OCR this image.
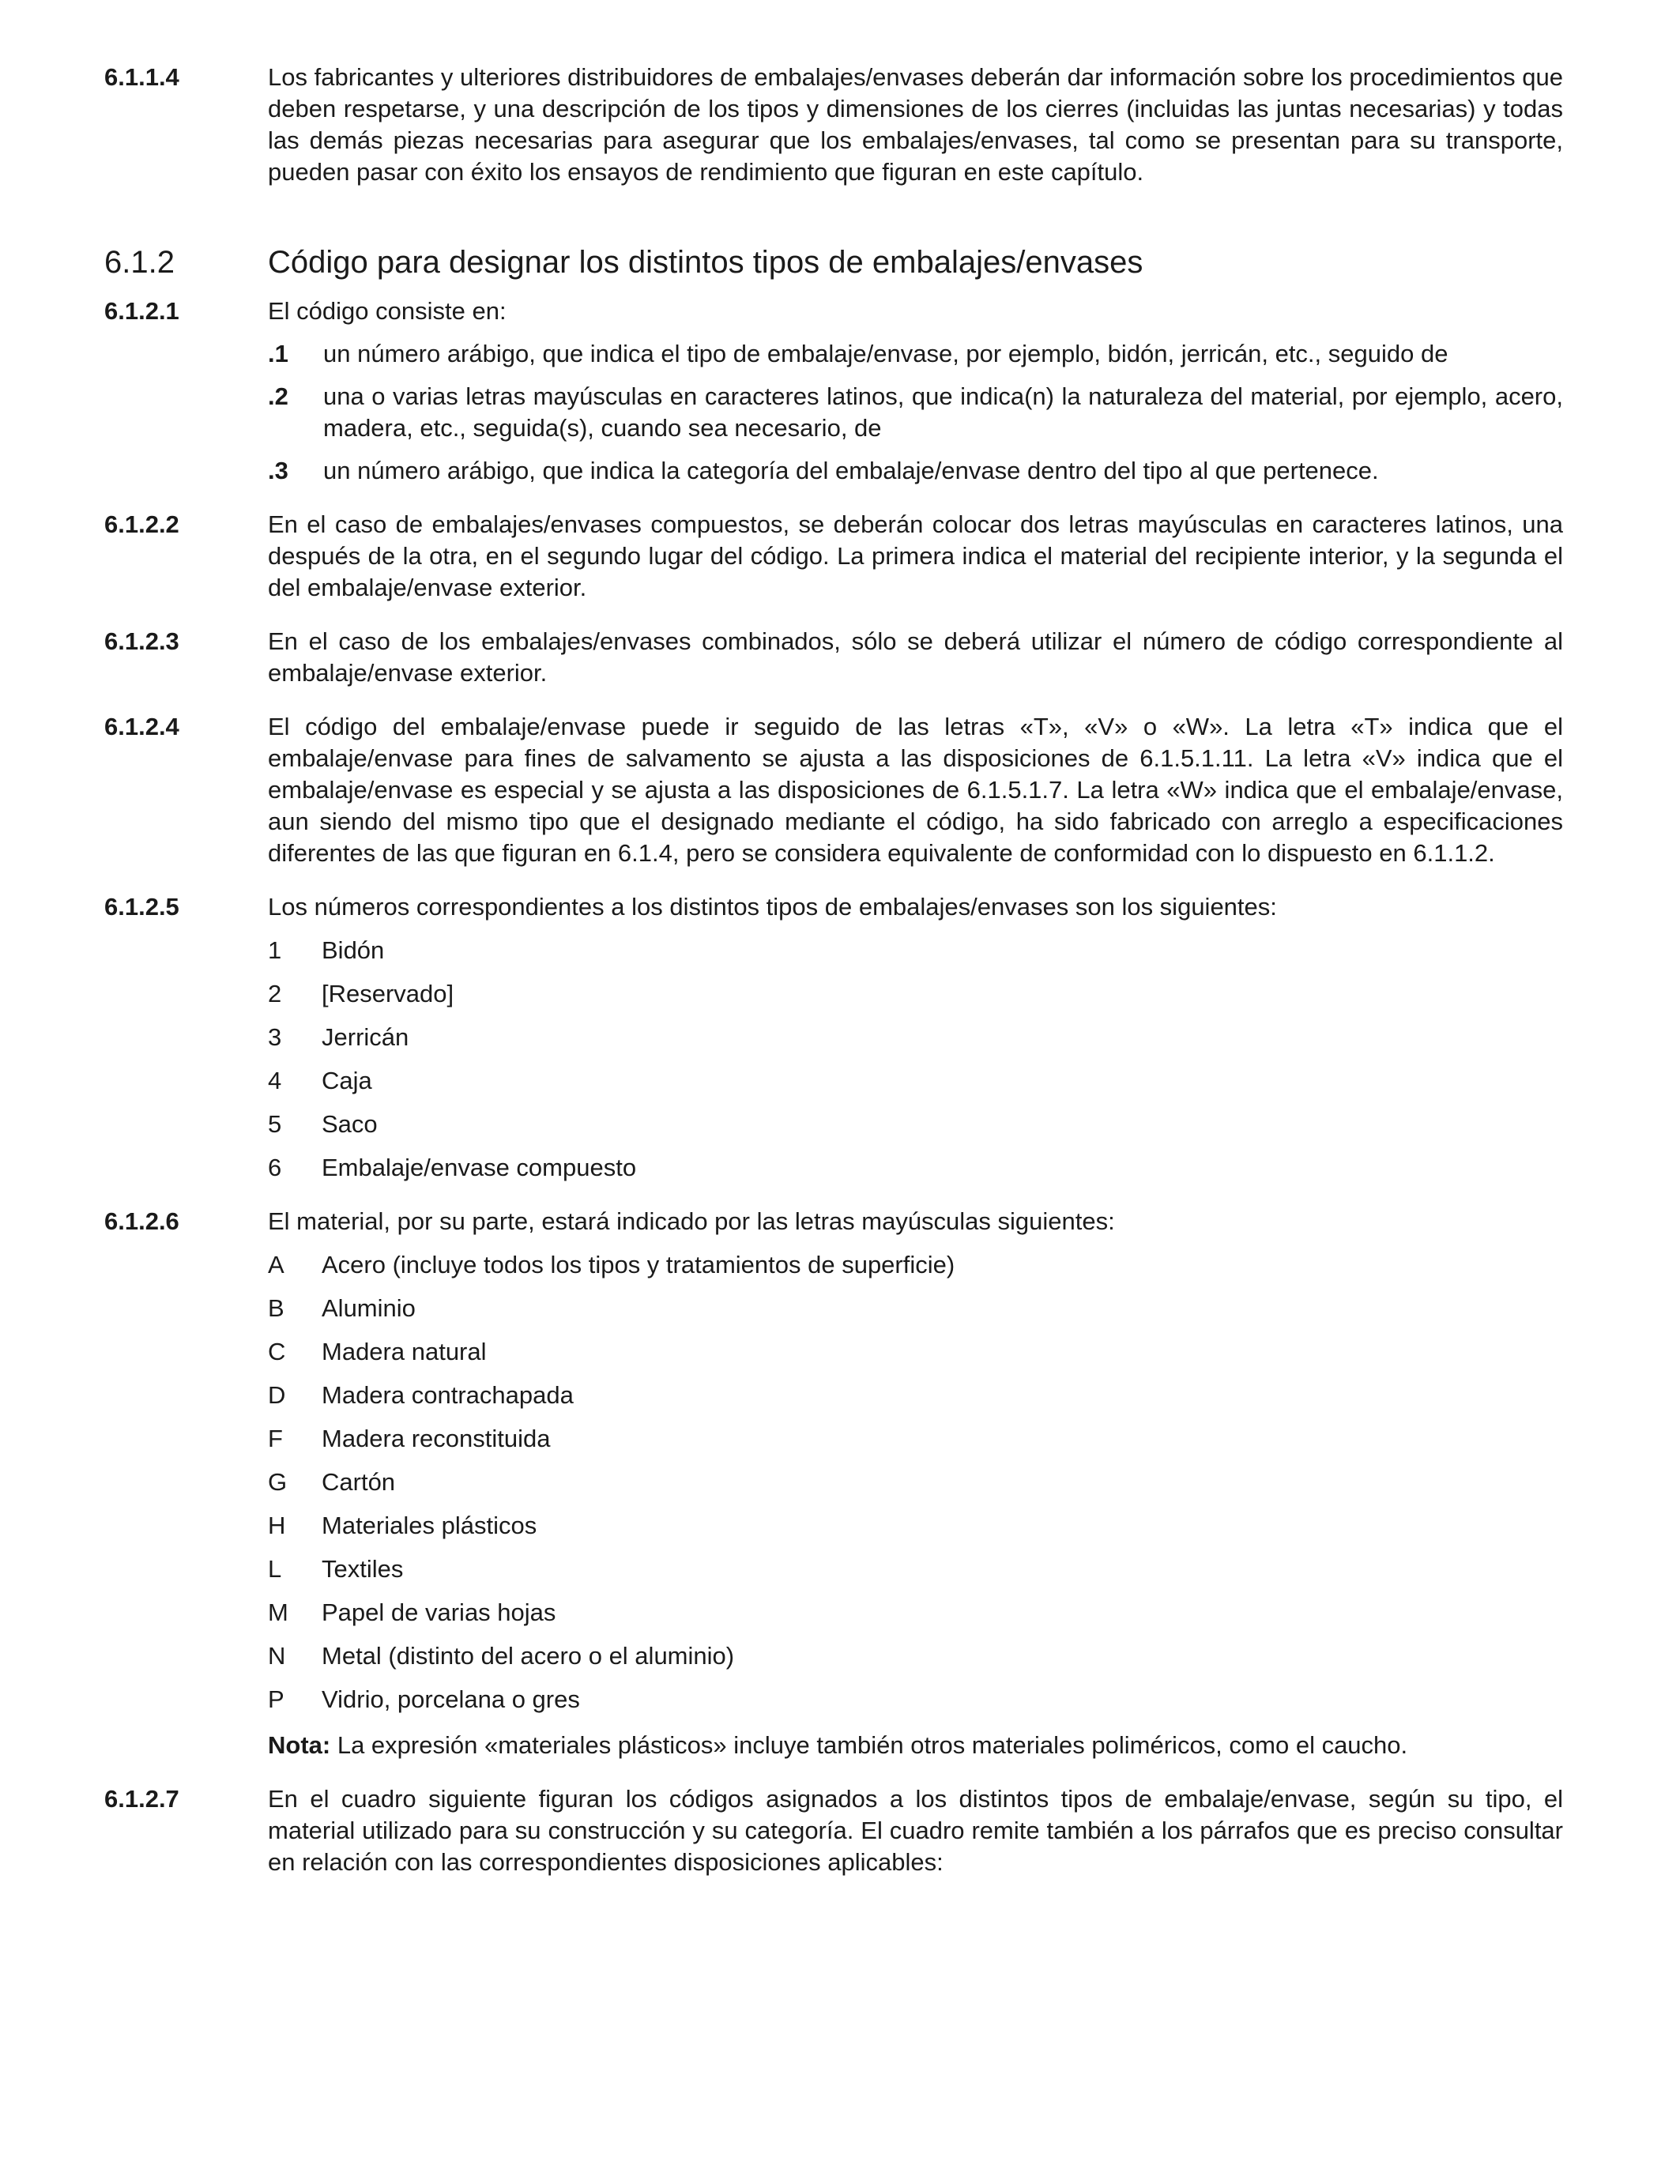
6.1.1.4	Los fabricantes y ulteriores distribuidores de embalajes/envases deberán dar información sobre los procedimientos que deben respetarse, y una descripción de los tipos y dimensiones de los cierres (incluidas las juntas necesarias) y todas las demás piezas necesarias para asegurar que los embalajes/envases, tal como se presentan para su transporte, pueden pasar con éxito los ensayos de rendimiento que figuran en este capítulo.
6.1.2	Código para designar los distintos tipos de embalajes/envases
6.1.2.1	El código consiste en:
.1	un número arábigo, que indica el tipo de embalaje/envase, por ejemplo, bidón, jerricán, etc., seguido de
.2	una o varias letras mayúsculas en caracteres latinos, que indica(n) la naturaleza del material, por ejemplo, acero, madera, etc., seguida(s), cuando sea necesario, de
.3	un número arábigo, que indica la categoría del embalaje/envase dentro del tipo al que pertenece.
6.1.2.2	En el caso de embalajes/envases compuestos, se deberán colocar dos letras mayúsculas en caracteres latinos, una después de la otra, en el segundo lugar del código. La primera indica el material del recipiente interior, y la segunda el del embalaje/envase exterior.
6.1.2.3	En el caso de los embalajes/envases combinados, sólo se deberá utilizar el número de código correspondiente al embalaje/envase exterior.
6.1.2.4	El código del embalaje/envase puede ir seguido de las letras «T», «V» o «W». La letra «T» indica que el embalaje/envase para fines de salvamento se ajusta a las disposiciones de 6.1.5.1.11. La letra «V» indica que el embalaje/envase es especial y se ajusta a las disposiciones de 6.1.5.1.7. La letra «W» indica que el embalaje/envase, aun siendo del mismo tipo que el designado mediante el código, ha sido fabricado con arreglo a especificaciones diferentes de las que figuran en 6.1.4, pero se considera equivalente de conformidad con lo dispuesto en 6.1.1.2.
6.1.2.5	Los números correspondientes a los distintos tipos de embalajes/envases son los siguientes:
1	Bidón
2	[Reservado]
3	Jerricán
4	Caja
5	Saco
6	Embalaje/envase compuesto
6.1.2.6	El material, por su parte, estará indicado por las letras mayúsculas siguientes:
A	Acero (incluye todos los tipos y tratamientos de superficie)
B	Aluminio
C	Madera natural
D	Madera contrachapada
F	Madera reconstituida
G	Cartón
H	Materiales plásticos
L	Textiles
M	Papel de varias hojas
N	Metal (distinto del acero o el aluminio)
P	Vidrio, porcelana o gres
Nota: La expresión «materiales plásticos» incluye también otros materiales poliméricos, como el caucho.
6.1.2.7	En el cuadro siguiente figuran los códigos asignados a los distintos tipos de embalaje/envase, según su tipo, el material utilizado para su construcción y su categoría. El cuadro remite también a los párrafos que es preciso consultar en relación con las correspondientes disposiciones aplicables:
